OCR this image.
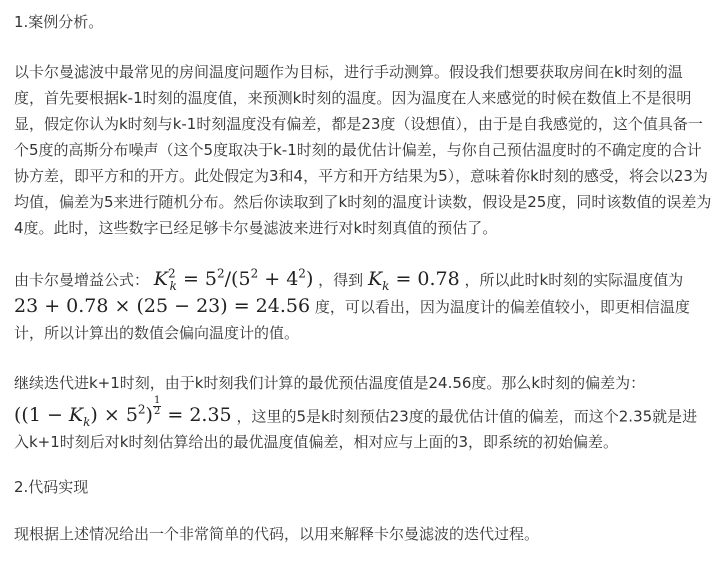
1.案例分析。

以卡尔曼滤波中最常见的房间温度问题作为目标，进行手动测算。假设我们想要获取房间在k时刻的温度，首先要根据k-1时刻的温度值，来预测k时刻的温度。因为温度在人来感觉的时候在数值上不是很明显，假定你认为k时刻与k-1时刻温度没有偏差，都是23度（设想值），由于是自我感觉的，这个值具备一个5度的高斯分布噪声（这个5度取决于k-1时刻的最优估计偏差，与你自己预估温度时的不确定度的合计协方差，即平方和的开方。此处假定为3和4，平方和开方结果为5），意味着你k时刻的感受，将会以23为均值，偏差为5来进行随机分布。然后你读取到了k时刻的温度计读数，假设是25度，同时该数值的误差为4度。此时，这些数字已经足够卡尔曼滤波来进行对k时刻真值的预估了。

由卡尔曼增益公式： $K^2_k = 5^2/(5^2 + 4^2)$ ，得到 $K_k = 0.78$ ，所以此时k时刻的实际温度值为 23 + 0.78 × (25 − 23) = 24.56 度，可以看出，因为温度计的偏差值较小，即更相信温度计，所以计算出的数值会偏向温度计的值。

继续迭代进k+1时刻，由于k时刻我们计算的最优预估温度值是24.56度。那么k时刻的偏差为：
$((1 - K_k) \times 5^2) \frac{1}{2} = 2.35$ ，这里的5是k时刻预估23度的最优估计值的偏差，而这个2.35就是进入k+1时刻后对k时刻估算给出的最优温度值偏差，相对应与上面的3，即系统的初始偏差。

2.代码实现

现根据上述情况给出一个非常简单的代码，以用来解释卡尔曼滤波的迭代过程。
